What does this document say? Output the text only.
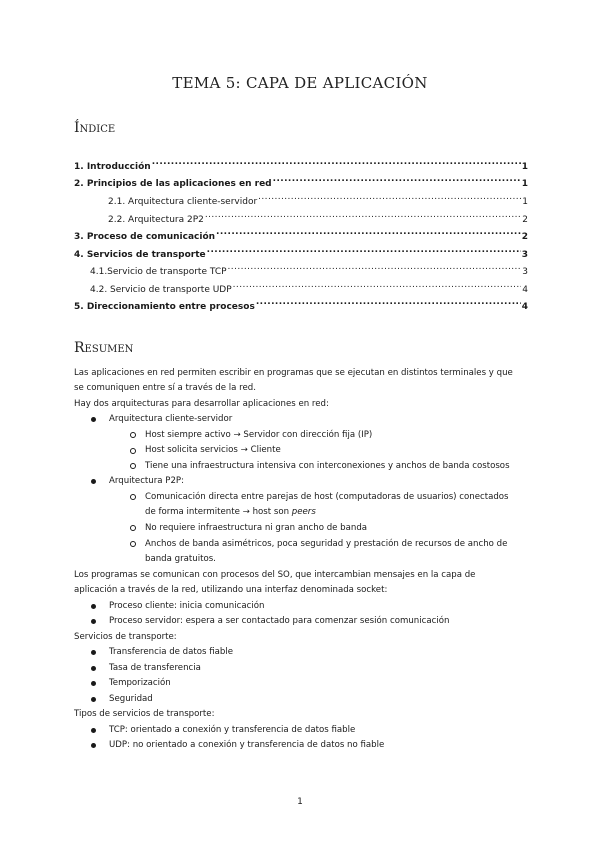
TEMA 5: CAPA DE APLICACIÓN
Índice
1. Introducción .....	1
2. Principios de las aplicaciones en red .....	1
2.1. Arquitectura cliente-servidor .....	1
2.2. Arquitectura 2P2 .....	2
3. Proceso de comunicación .....	2
4. Servicios de transporte .....	3
4.1.Servicio de transporte TCP .....	3
4.2. Servicio de transporte UDP .....	4
5. Direccionamiento entre procesos .....	4
Resumen
Las aplicaciones en red permiten escribir en programas que se ejecutan en distintos terminales y que
se comuniquen entre sí a través de la red.
Hay dos arquitecturas para desarrollar aplicaciones en red:
Arquitectura cliente-servidor
Host siempre activo → Servidor con dirección fija (IP)
Host solicita servicios → Cliente
Tiene una infraestructura intensiva con interconexiones y anchos de banda costosos
Arquitectura P2P:
Comunicación directa entre parejas de host (computadoras de usuarios) conectados
de forma intermitente → host son peers
No requiere infraestructura ni gran ancho de banda
Anchos de banda asimétricos, poca seguridad y prestación de recursos de ancho de
banda gratuitos.
Los programas se comunican con procesos del SO, que intercambian mensajes en la capa de
aplicación a través de la red, utilizando una interfaz denominada socket:
Proceso cliente: inicia comunicación
Proceso servidor: espera a ser contactado para comenzar sesión comunicación
Servicios de transporte:
Transferencia de datos fiable
Tasa de transferencia
Temporización
Seguridad
Tipos de servicios de transporte:
TCP: orientado a conexión y transferencia de datos fiable
UDP: no orientado a conexión y transferencia de datos no fiable
1
